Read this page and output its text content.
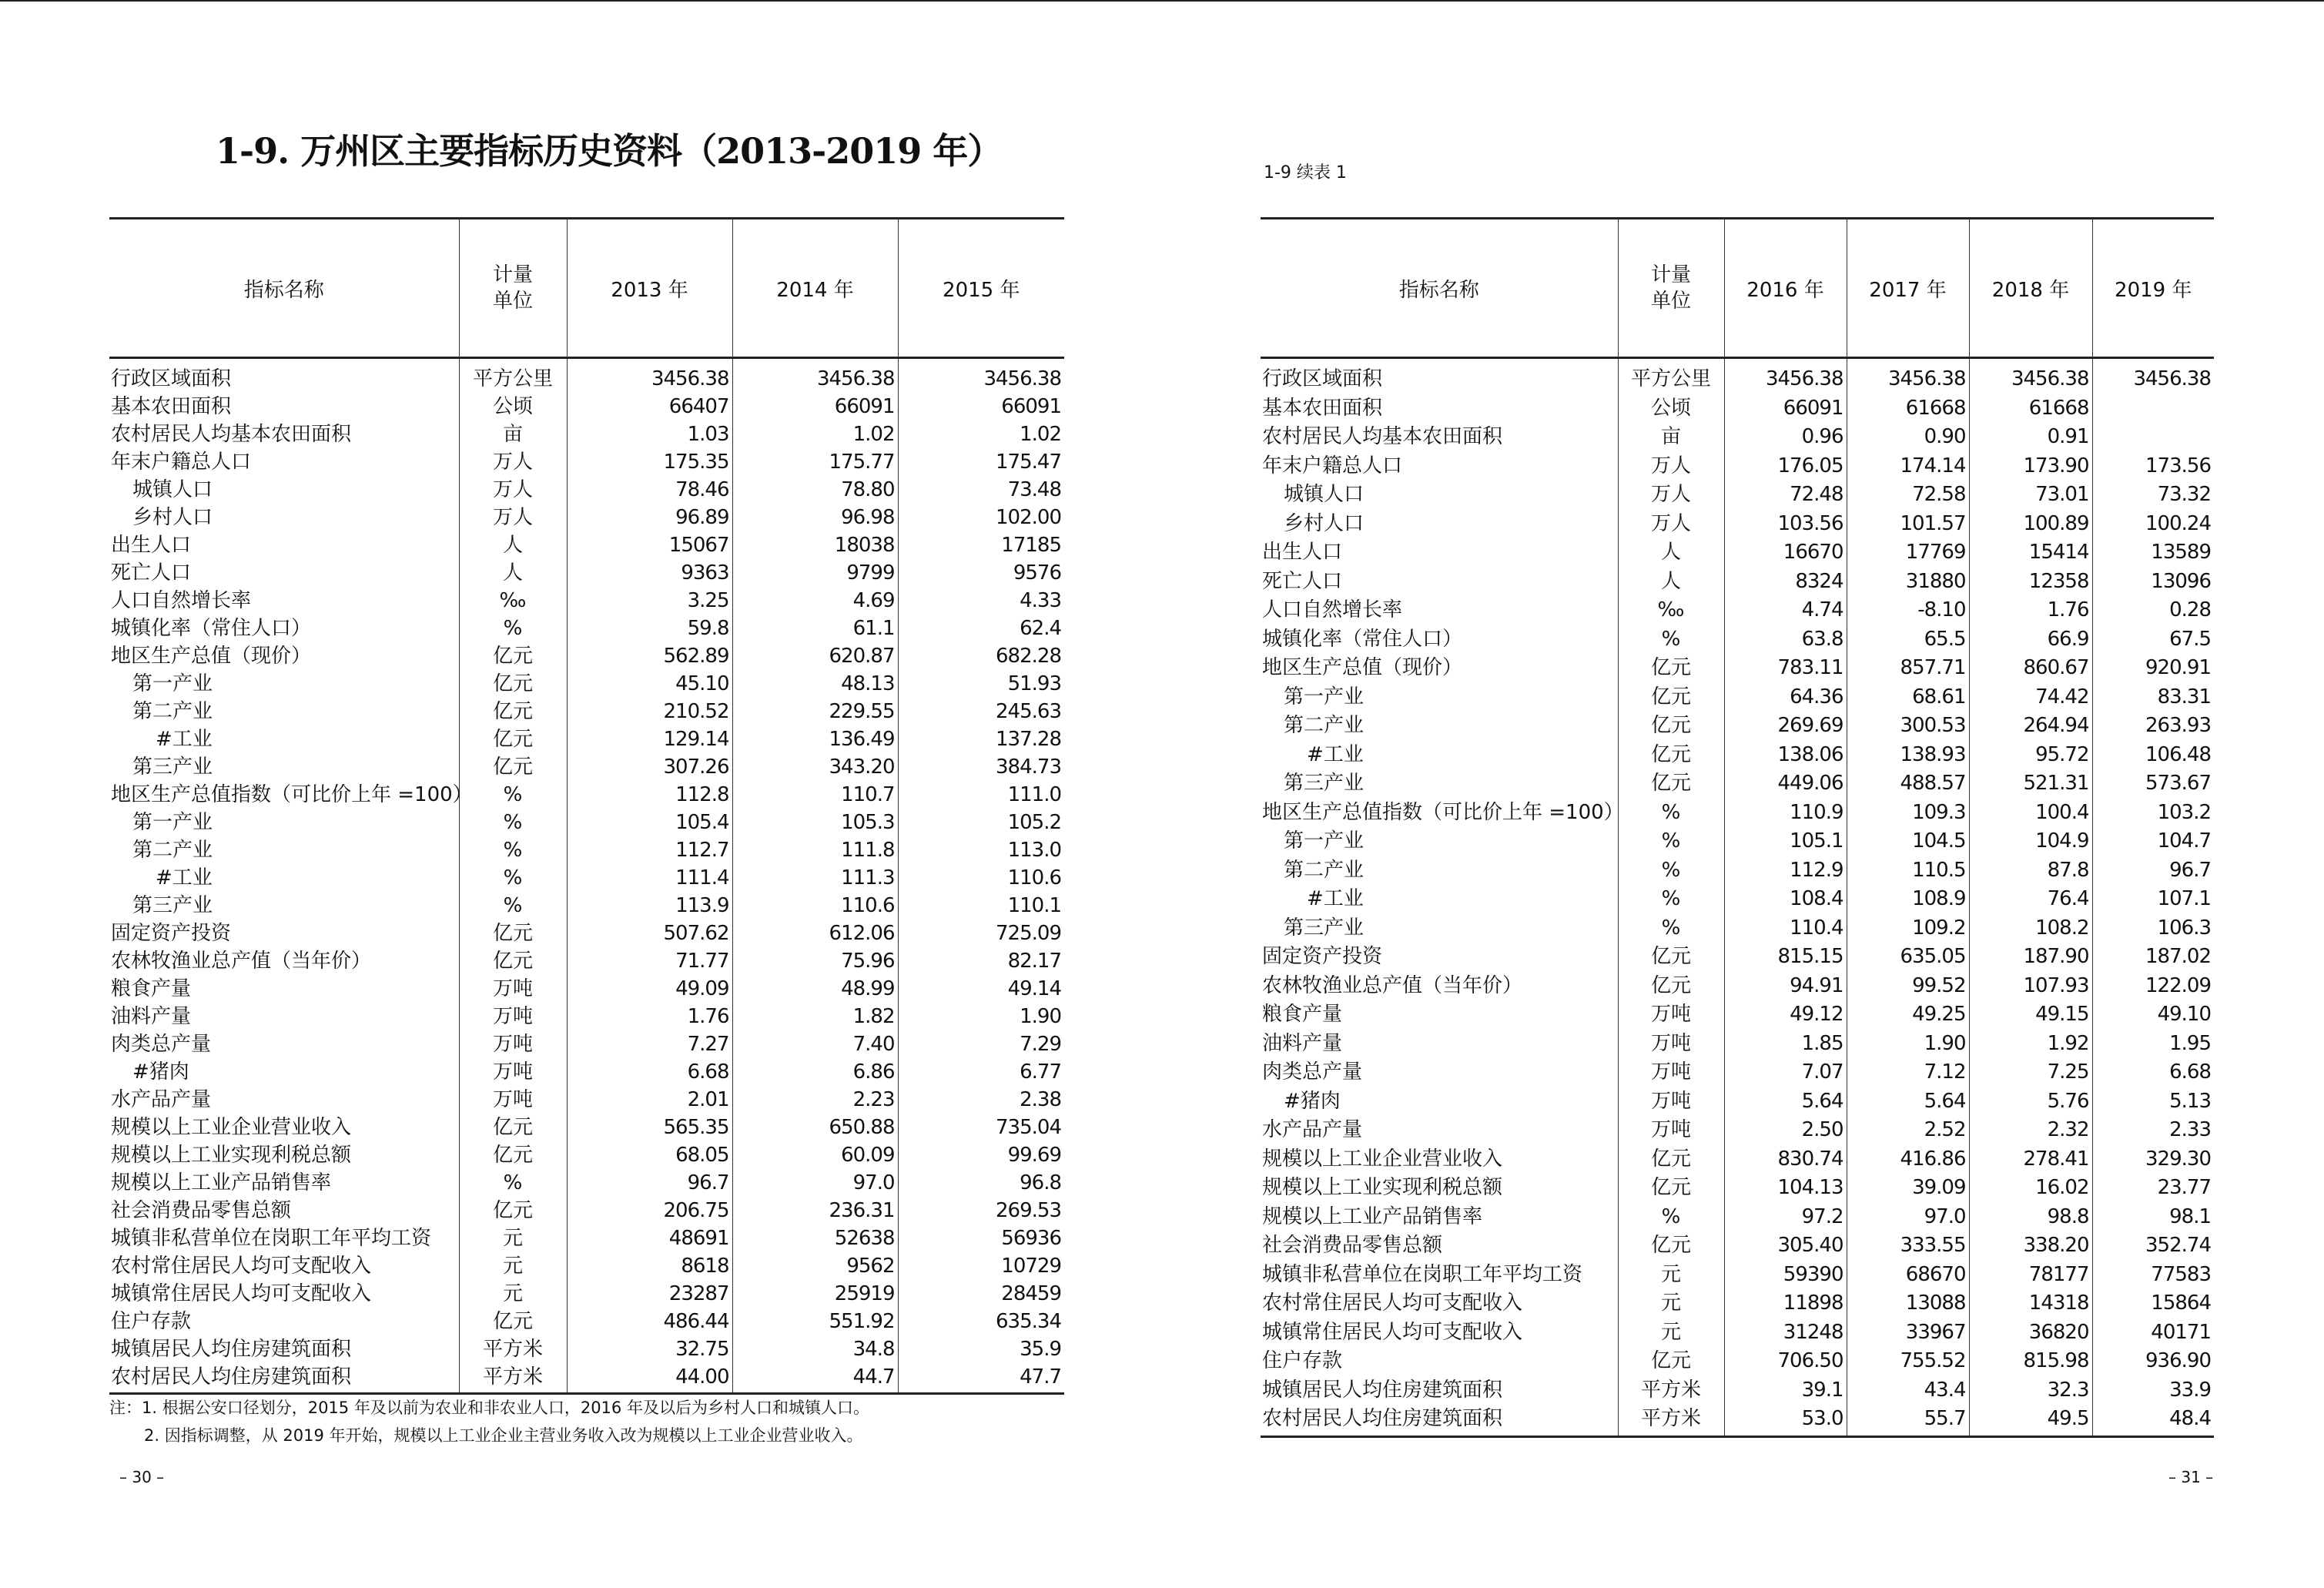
1-9. 万州区主要指标历史资料（2013-2019 年）
1-9 续表 1
指标名称	计量
单位	2013 年	2014 年	2015 年
行政区域面积	平方公里	3456.38	3456.38	3456.38
基本农田面积	公顷	66407	66091	66091
农村居民人均基本农田面积	亩	1.03	1.02	1.02
年末户籍总人口	万人	175.35	175.77	175.47
城镇人口	万人	78.46	78.80	73.48
乡村人口	万人	96.89	96.98	102.00
出生人口	人	15067	18038	17185
死亡人口	人	9363	9799	9576
人口自然增长率	‰	3.25	4.69	4.33
城镇化率（常住人口）	%	59.8	61.1	62.4
地区生产总值（现价）	亿元	562.89	620.87	682.28
第一产业	亿元	45.10	48.13	51.93
第二产业	亿元	210.52	229.55	245.63
#工业	亿元	129.14	136.49	137.28
第三产业	亿元	307.26	343.20	384.73
地区生产总值指数（可比价上年 =100）	%	112.8	110.7	111.0
第一产业	%	105.4	105.3	105.2
第二产业	%	112.7	111.8	113.0
#工业	%	111.4	111.3	110.6
第三产业	%	113.9	110.6	110.1
固定资产投资	亿元	507.62	612.06	725.09
农林牧渔业总产值（当年价）	亿元	71.77	75.96	82.17
粮食产量	万吨	49.09	48.99	49.14
油料产量	万吨	1.76	1.82	1.90
肉类总产量	万吨	7.27	7.40	7.29
#猪肉	万吨	6.68	6.86	6.77
水产品产量	万吨	2.01	2.23	2.38
规模以上工业企业营业收入	亿元	565.35	650.88	735.04
规模以上工业实现利税总额	亿元	68.05	60.09	99.69
规模以上工业产品销售率	%	96.7	97.0	96.8
社会消费品零售总额	亿元	206.75	236.31	269.53
城镇非私营单位在岗职工年平均工资	元	48691	52638	56936
农村常住居民人均可支配收入	元	8618	9562	10729
城镇常住居民人均可支配收入	元	23287	25919	28459
住户存款	亿元	486.44	551.92	635.34
城镇居民人均住房建筑面积	平方米	32.75	34.8	35.9
农村居民人均住房建筑面积	平方米	44.00	44.7	47.7
指标名称	计量
单位	2016 年	2017 年	2018 年	2019 年
行政区域面积	平方公里	3456.38	3456.38	3456.38	3456.38
基本农田面积	公顷	66091	61668	61668	
农村居民人均基本农田面积	亩	0.96	0.90	0.91	
年末户籍总人口	万人	176.05	174.14	173.90	173.56
城镇人口	万人	72.48	72.58	73.01	73.32
乡村人口	万人	103.56	101.57	100.89	100.24
出生人口	人	16670	17769	15414	13589
死亡人口	人	8324	31880	12358	13096
人口自然增长率	‰	4.74	-8.10	1.76	0.28
城镇化率（常住人口）	%	63.8	65.5	66.9	67.5
地区生产总值（现价）	亿元	783.11	857.71	860.67	920.91
第一产业	亿元	64.36	68.61	74.42	83.31
第二产业	亿元	269.69	300.53	264.94	263.93
#工业	亿元	138.06	138.93	95.72	106.48
第三产业	亿元	449.06	488.57	521.31	573.67
地区生产总值指数（可比价上年 =100）	%	110.9	109.3	100.4	103.2
第一产业	%	105.1	104.5	104.9	104.7
第二产业	%	112.9	110.5	87.8	96.7
#工业	%	108.4	108.9	76.4	107.1
第三产业	%	110.4	109.2	108.2	106.3
固定资产投资	亿元	815.15	635.05	187.90	187.02
农林牧渔业总产值（当年价）	亿元	94.91	99.52	107.93	122.09
粮食产量	万吨	49.12	49.25	49.15	49.10
油料产量	万吨	1.85	1.90	1.92	1.95
肉类总产量	万吨	7.07	7.12	7.25	6.68
#猪肉	万吨	5.64	5.64	5.76	5.13
水产品产量	万吨	2.50	2.52	2.32	2.33
规模以上工业企业营业收入	亿元	830.74	416.86	278.41	329.30
规模以上工业实现利税总额	亿元	104.13	39.09	16.02	23.77
规模以上工业产品销售率	%	97.2	97.0	98.8	98.1
社会消费品零售总额	亿元	305.40	333.55	338.20	352.74
城镇非私营单位在岗职工年平均工资	元	59390	68670	78177	77583
农村常住居民人均可支配收入	元	11898	13088	14318	15864
城镇常住居民人均可支配收入	元	31248	33967	36820	40171
住户存款	亿元	706.50	755.52	815.98	936.90
城镇居民人均住房建筑面积	平方米	39.1	43.4	32.3	33.9
农村居民人均住房建筑面积	平方米	53.0	55.7	49.5	48.4
注：1. 根据公安口径划分，2015 年及以前为农业和非农业人口，2016 年及以后为乡村人口和城镇人口。
2. 因指标调整，从 2019 年开始，规模以上工业企业主营业务收入改为规模以上工业企业营业收入。
– 30 –	– 31 –
